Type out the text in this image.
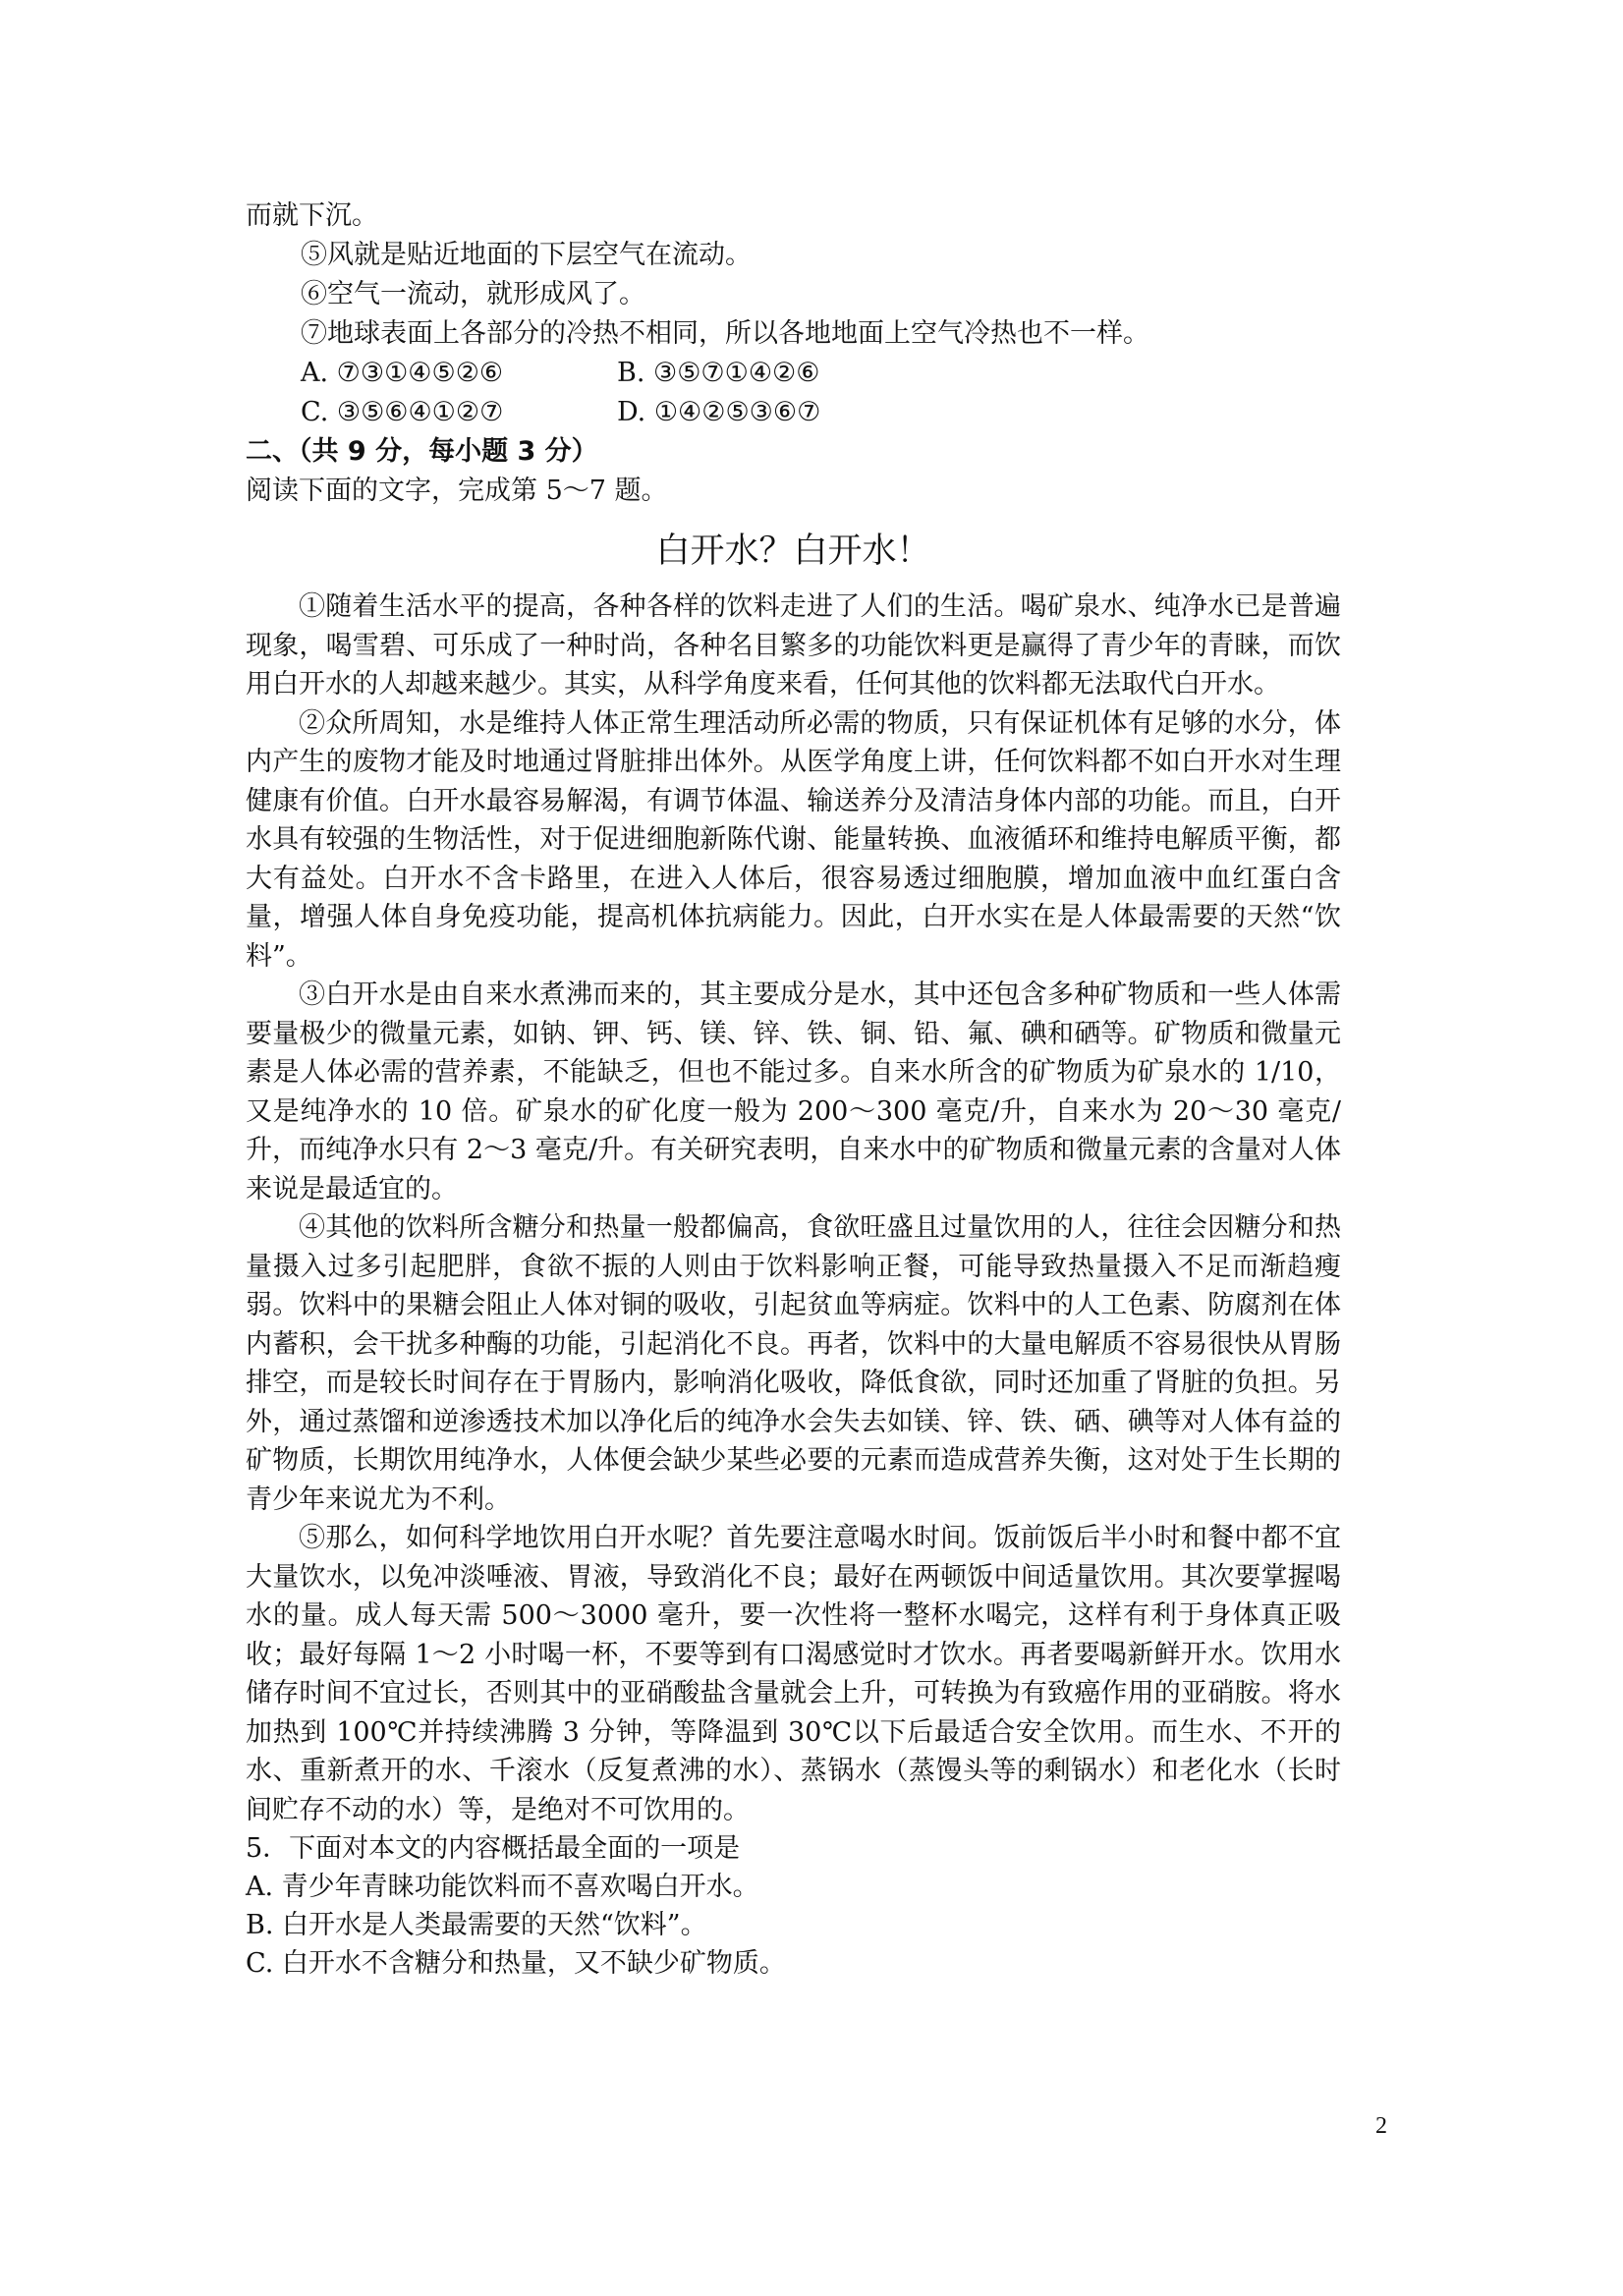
而就下沉。
⑤风就是贴近地面的下层空气在流动。
⑥空气一流动，就形成风了。
⑦地球表面上各部分的冷热不相同，所以各地地面上空气冷热也不一样。
A. ⑦③①④⑤②⑥	B. ③⑤⑦①④②⑥
C. ③⑤⑥④①②⑦	D. ①④②⑤③⑥⑦
二、（共 9 分，每小题 3 分）
阅读下面的文字，完成第 5～7 题。
白开水？白开水！

①随着生活水平的提高，各种各样的饮料走进了人们的生活。喝矿泉水、纯净水已是普遍现象，喝雪碧、可乐成了一种时尚，各种名目繁多的功能饮料更是赢得了青少年的青睐，而饮用白开水的人却越来越少。其实，从科学角度来看，任何其他的饮料都无法取代白开水。

②众所周知，水是维持人体正常生理活动所必需的物质，只有保证机体有足够的水分，体内产生的废物才能及时地通过肾脏排出体外。从医学角度上讲，任何饮料都不如白开水对生理健康有价值。白开水最容易解渴，有调节体温、输送养分及清洁身体内部的功能。而且，白开水具有较强的生物活性，对于促进细胞新陈代谢、能量转换、血液循环和维持电解质平衡，都大有益处。白开水不含卡路里，在进入人体后，很容易透过细胞膜，增加血液中血红蛋白含量，增强人体自身免疫功能，提高机体抗病能力。因此，白开水实在是人体最需要的天然“饮料”。

③白开水是由自来水煮沸而来的，其主要成分是水，其中还包含多种矿物质和一些人体需要量极少的微量元素，如钠、钾、钙、镁、锌、铁、铜、铅、氟、碘和硒等。矿物质和微量元素是人体必需的营养素，不能缺乏，但也不能过多。自来水所含的矿物质为矿泉水的 1/10，又是纯净水的 10 倍。矿泉水的矿化度一般为 200～300 毫克/升，自来水为 20～30 毫克/升，而纯净水只有 2～3 毫克/升。有关研究表明，自来水中的矿物质和微量元素的含量对人体来说是最适宜的。

④其他的饮料所含糖分和热量一般都偏高，食欲旺盛且过量饮用的人，往往会因糖分和热量摄入过多引起肥胖，食欲不振的人则由于饮料影响正餐，可能导致热量摄入不足而渐趋瘦弱。饮料中的果糖会阻止人体对铜的吸收，引起贫血等病症。饮料中的人工色素、防腐剂在体内蓄积，会干扰多种酶的功能，引起消化不良。再者，饮料中的大量电解质不容易很快从胃肠排空，而是较长时间存在于胃肠内，影响消化吸收，降低食欲，同时还加重了肾脏的负担。另外，通过蒸馏和逆渗透技术加以净化后的纯净水会失去如镁、锌、铁、硒、碘等对人体有益的矿物质，长期饮用纯净水，人体便会缺少某些必要的元素而造成营养失衡，这对处于生长期的青少年来说尤为不利。

⑤那么，如何科学地饮用白开水呢？首先要注意喝水时间。饭前饭后半小时和餐中都不宜大量饮水，以免冲淡唾液、胃液，导致消化不良；最好在两顿饭中间适量饮用。其次要掌握喝水的量。成人每天需 500～3000 毫升，要一次性将一整杯水喝完，这样有利于身体真正吸收；最好每隔 1～2 小时喝一杯，不要等到有口渴感觉时才饮水。再者要喝新鲜开水。饮用水储存时间不宜过长，否则其中的亚硝酸盐含量就会上升，可转换为有致癌作用的亚硝胺。将水加热到 100℃并持续沸腾 3 分钟，等降温到 30℃以下后最适合安全饮用。而生水、不开的水、重新煮开的水、千滚水（反复煮沸的水）、蒸锅水（蒸馒头等的剩锅水）和老化水（长时间贮存不动的水）等，是绝对不可饮用的。

5．下面对本文的内容概括最全面的一项是

A. 青少年青睐功能饮料而不喜欢喝白开水。

B. 白开水是人类最需要的天然“饮料”。

C. 白开水不含糖分和热量，又不缺少矿物质。

2
